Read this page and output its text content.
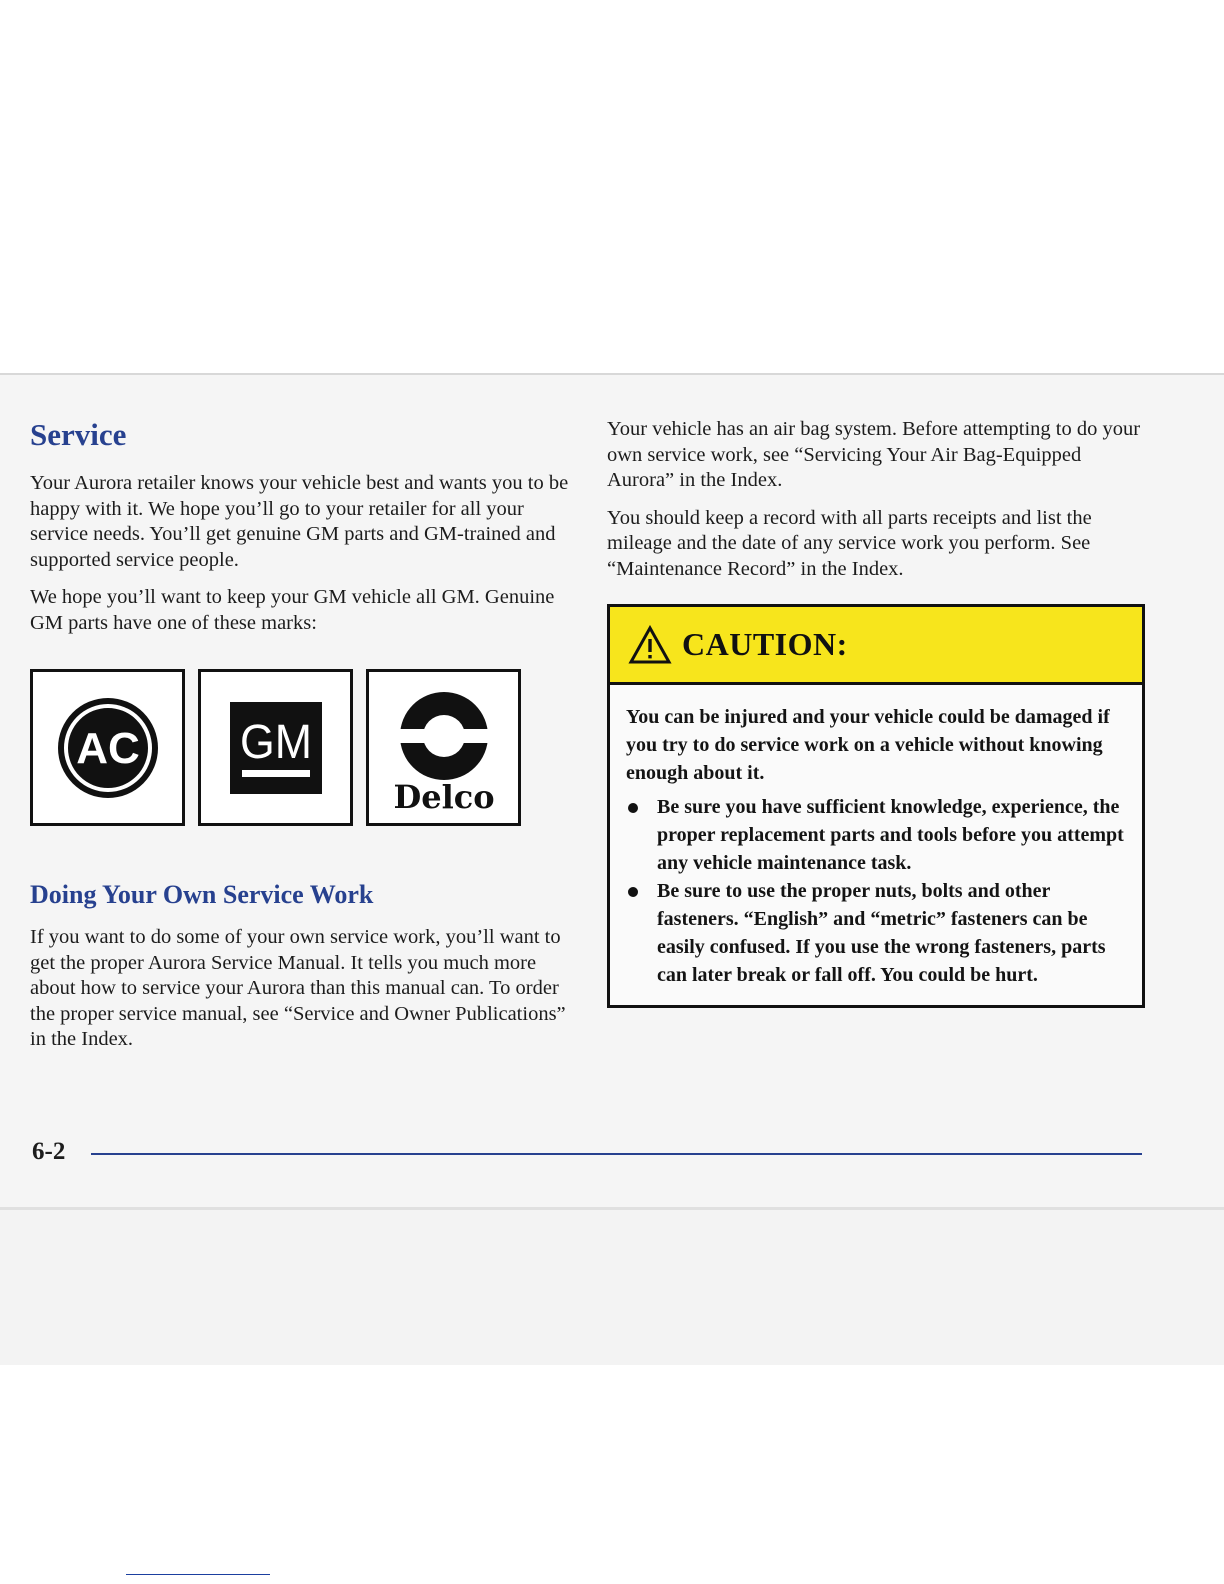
Service

Your Aurora retailer knows your vehicle best and wants you to be happy with it. We hope you’ll go to your retailer for all your service needs. You’ll get genuine GM parts and GM-trained and supported service people.

We hope you’ll want to keep your GM vehicle all GM. Genuine GM parts have one of these marks:

AC GM
Delco
Doing Your Own Service Work

If you want to do some of your own service work, you’ll want to get the proper Aurora Service Manual. It tells you much more about how to service your Aurora than this manual can. To order the proper service manual, see “Service and Owner Publications” in the Index.

Your vehicle has an air bag system. Before attempting to do your own service work, see “Servicing Your Air Bag-Equipped Aurora” in the Index.

You should keep a record with all parts receipts and list the mileage and the date of any service work you perform. See “Maintenance Record” in the Index.

CAUTION:
You can be injured and your vehicle could be damaged if you try to do service work on a vehicle without knowing enough about it.
Be sure you have sufficient knowledge, experience, the proper replacement parts and tools before you attempt any vehicle maintenance task.
Be sure to use the proper nuts, bolts and other fasteners. “English” and “metric” fasteners can be easily confused. If you use the wrong fasteners, parts can later break or fall off. You could be hurt.
6-2
